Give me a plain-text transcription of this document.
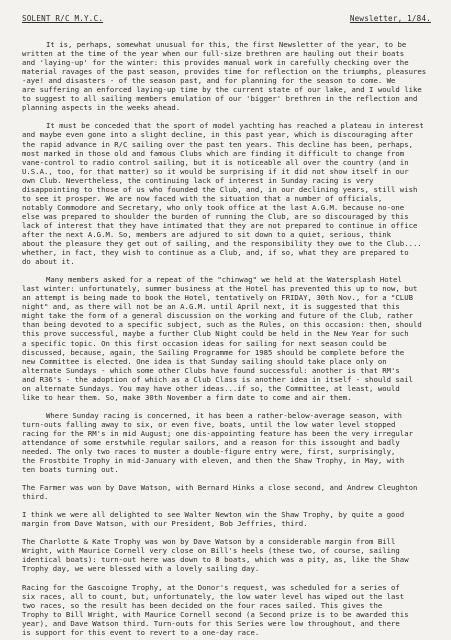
SOLENT R/C M.Y.C.	Newsletter, 1/84.

It is, perhaps, somewhat unusual for this, the first Newsletter of the year, to be
written at the time of the year when our full-size brethren are hauling out their boats
and 'laying-up' for the winter: this provides manual work in carefully checking over the
material ravages of the past season, provides time for reflection on the triumphs, pleasures
-aye! and disasters - of the season past, and for planning for the season to come. We
are suffering an enforced laying-up time by the current state of our lake, and I would like
to suggest to all sailing members emulation of our 'bigger' brethren in the reflection and
planning aspects in the weeks ahead.

It must be conceded that the sport of model yachting has reached a plateau in interest
and maybe even gone into a slight decline, in this past year, which is discouraging after
the rapid advance in R/C sailing over the past ten years. This decline has been, perhaps,
most marked in those old and famous Clubs which are finding it difficult to change from
vane-control to radio control sailing, but it is noticeable all over the country (and in
U.S.A., too, for that matter) so it would be surprising if it did not show itself in our
own Club. Nevertheless, the continuing lack of interest in Sunday racing is very
disappointing to those of us who founded the Club, and, in our declining years, still wish
to see it prosper. We are now faced with the situation that a number of officials,
notably Commodore and Secretary, who only took office at the last A.G.M. because no-one
else was prepared to shoulder the burden of running the Club, are so discouraged by this
lack of interest that they have intimated that they are not prepared to continue in office
after the next A.G.M. So, members are adjured to sit down to a quiet, serious, think
about the pleasure they get out of sailing, and the responsibility they owe to the Club....
whether, in fact, they wish to continue as a Club, and, if so, what they are prepared to
do about it.

Many members asked for a repeat of the "chinwag" we held at the Watersplash Hotel
last winter: unfortunately, summer business at the Hotel has prevented this up to now, but
an attempt is being made to book the Hotel, tentatively on FRIDAY, 30th Nov., for a "CLUB
night" and, as there will not be an A.G.M. until April next, it is suggested that this
might take the form of a general discussion on the working and future of the Club, rather
than being devoted to a specific subject, such as the Rules, on this occasion: then, should
this prove successful, maybe a further Club Night could be held in the New Year for such
a specific topic. On this first occasion ideas for sailing for next season could be
discussed, because, again, the Sailing Programme for 1985 should be complete before the
new Committee is elected. One idea is that Sunday sailing should take place only on
alternate Sundays - which some other Clubs have found successful: another is that RM's
and R36's - the adoption of which as a Club Class is another idea in itself - should sail
on alternate Sundays. You may have other ideas...if so, the Committee, at least, would
like to hear them. So, make 30th November a firm date to come and air them.

Where Sunday racing is concerned, it has been a rather-below-average season, with
turn-outs falling away to six, or even five, boats, until the low water level stopped
racing for the RM's in mid August; one dis-appointing feature has been the very irregular
attendance of some erstwhile regular sailors, and a reason for this issought and badly
needed. The only two races to muster a double-figure entry were, first, surprisingly,
the Frostbite Trophy in mid-January with eleven, and then the Shaw Trophy, in May, with
ten boats turning out.

The Farmer was won by Dave Watson, with Bernard Hinks a close second, and Andrew Cleughton
third.

I think we were all delighted to see Walter Newton win the Shaw Trophy, by quite a good
margin from Dave Watson, with our President, Bob Jeffries, third.

The Charlotte & Kate Trophy was won by Dave Watson by a considerable margin from Bill
Wright, with Maurice Cornell very close on Bill's heels (these two, of course, sailing
identical boats): turn-out here was down to 8 boats, which was a pity, as, like the Shaw
Trophy day, we were blessed with a lovely sailing day.

Racing for the Gascoigne Trophy, at the Donor's request, was scheduled for a series of
six races, all to count, but, unfortunately, the low water level has wiped out the last
two races, so the result has been decided on the four races sailed. This gives the
Trophy to Bill Wright, with Maurice Cornell second (a Second prize is to be awarded this
year), and Dave Watson third. Turn-outs for this Series were low throughout, and there
is support for this event to revert to a one-day race.
